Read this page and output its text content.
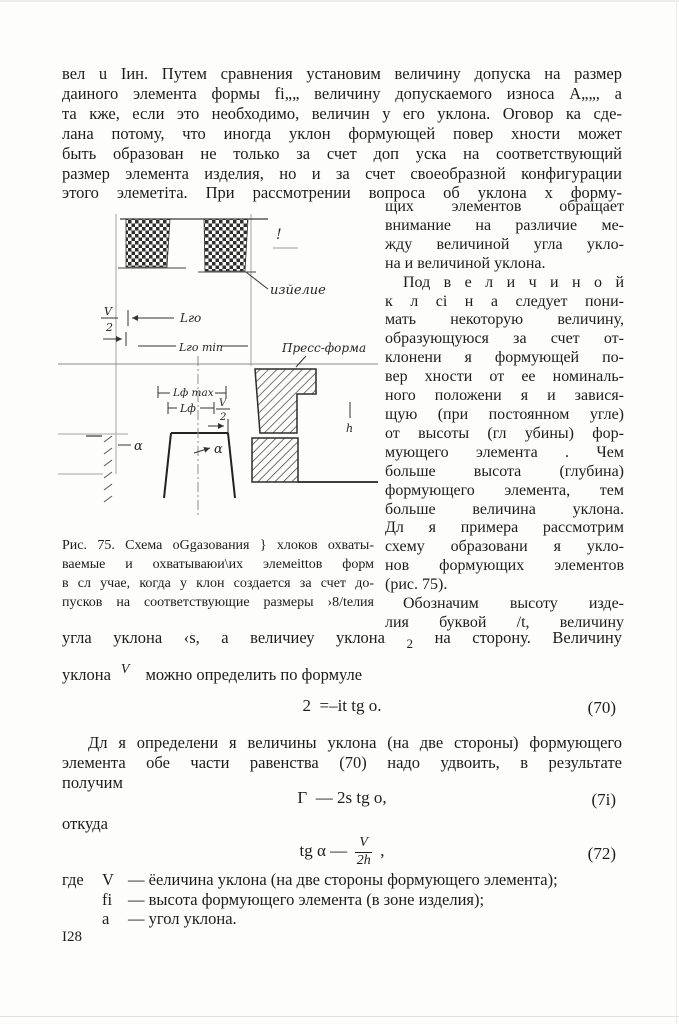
вел u Iин. Путем сравнения установим величину допуска на размер
даиного элемента формы fi„„ величину допускаемого износа А„„, а
та кже, если это необходимо, величин у его уклона. Оговор ка сде-
лана потому, что иногда уклон формующей повер хности может
быть образован не только за счет доп уска на соответствующий
размер элемента изделия, но и за счет своеобразной конфигурации
этого элеметіта. При рассмотрении вопроса об уклона х форму-
!
изйелие
V
2
Lго
Lго min	Пресс-форма
Lф max
Lф V
2
α	α
h
щих элементов обращает
внимание на различие ме-
жду величиной угла укло-
на и величиной уклона.
Под в е л и ч и н о й
к л сi н а следует пони-
мать некоторую величину,
образующуюся за счет от-
клонени я формующей по-
вер хности от ее номиналь-
ного положени я и завися-
щую (при постоянном угле)
от высоты (гл убины) фор-
мующего элемента . Чем
больше высота (глубина)
формующего элемента, тем
больше величина уклона.
Дл я примера рассмотрим
схему образовани я укло-
нов формующих элементов
(рис. 75).
Обозначим высоту изде-
лия буквой /t, величину
Рис. 75. Схема оGgазования } хлоков охваты-
ваемые и охватываюи\их элемеіttов форм
в сл учае, когда у клон создается за счет до-
пусков на соответствующие размеры ›8/teлия
угла уклона ‹s, а величиеу уклона $_2$ на сторону. Величину
уклона $^V$ можно определить по формуле
2  =–it tg o.	(70)
Дл я определени я величины уклона (на две стороны) формующего
элемента обе части равенства (70) надо удвоить, в результате
получим
Г  — 2s tg o,	(7i)
откуда
tg α — $\frac{V}{2h}$ ,	(72)
где	V — ёеличина уклона (на две стороны формующего элемента);
fi — высота формующего элемента (в зоне изделия);
а	— угол уклона.
I28
